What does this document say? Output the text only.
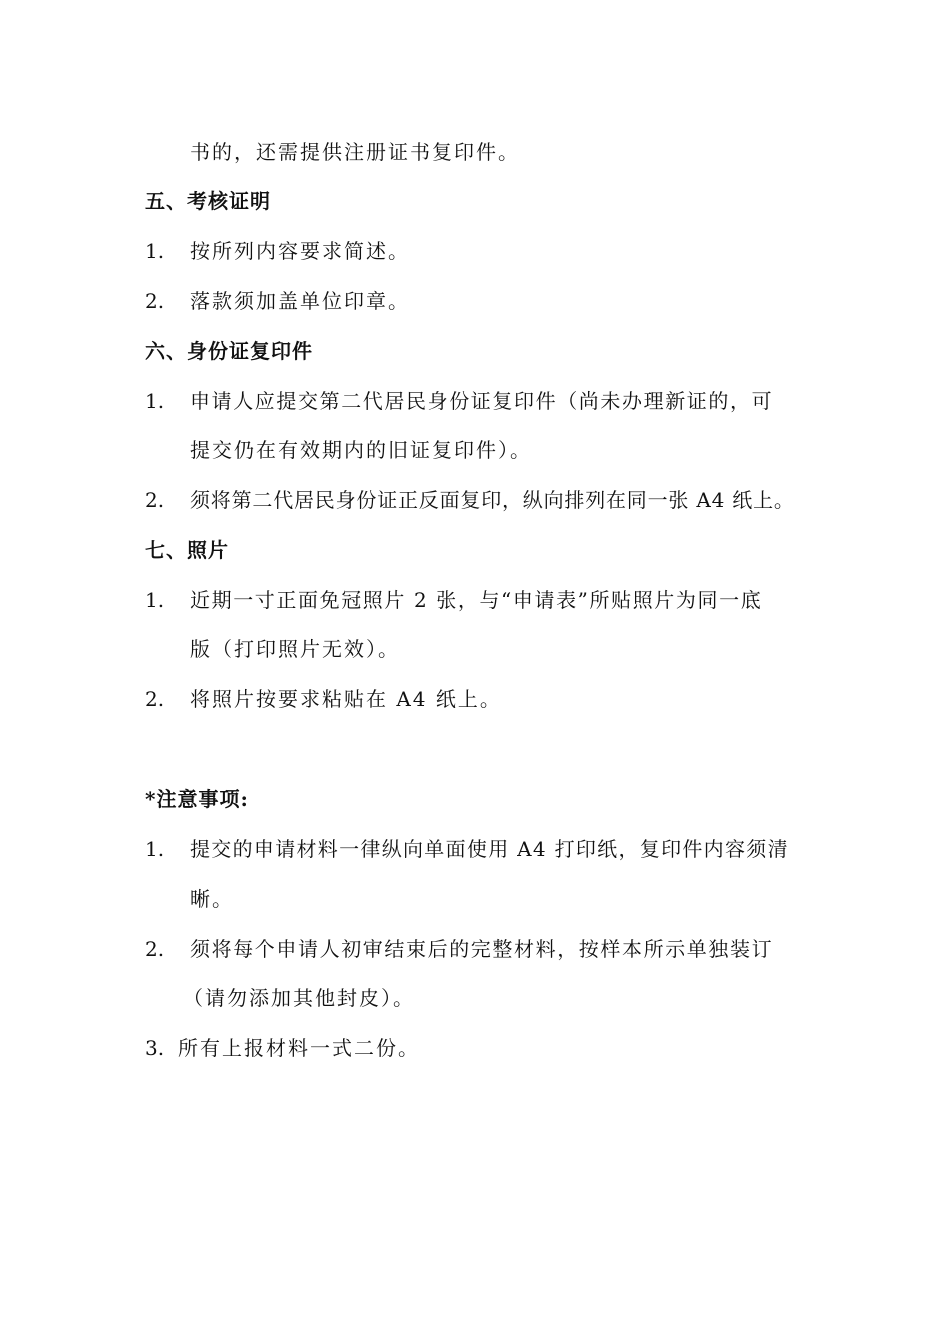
书的，还需提供注册证书复印件。
五、考核证明
1. 按所列内容要求简述。
2. 落款须加盖单位印章。
六、身份证复印件
1. 申请人应提交第二代居民身份证复印件（尚未办理新证的，可
提交仍在有效期内的旧证复印件）。
2. 须将第二代居民身份证正反面复印，纵向排列在同一张 A4 纸上。
七、照片
1. 近期一寸正面免冠照片 2 张，与“申请表”所贴照片为同一底
版（打印照片无效）。
2. 将照片按要求粘贴在 A4 纸上。
*注意事项:
1. 提交的申请材料一律纵向单面使用 A4 打印纸，复印件内容须清
晰。
2. 须将每个申请人初审结束后的完整材料，按样本所示单独装订
（请勿添加其他封皮）。
3. 所有上报材料一式二份。
